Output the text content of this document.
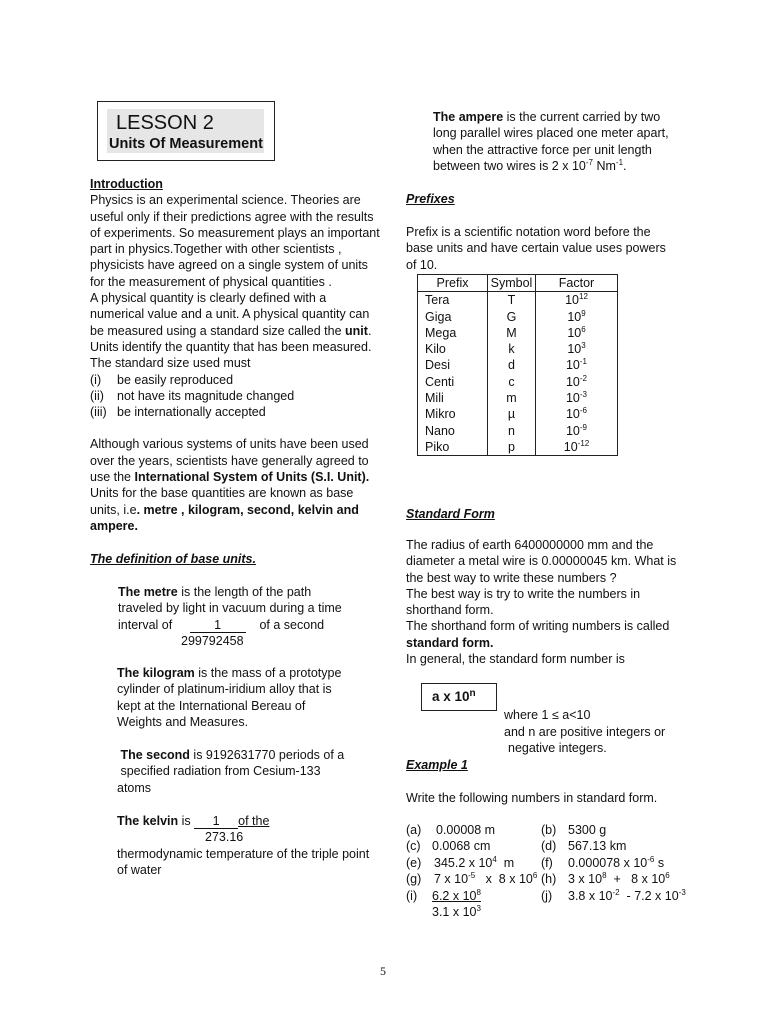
LESSON 2
Units Of Measurement
Introduction
Physics is an experimental science. Theories are useful only if their predictions agree with the results of experiments. So measurement plays an important part in physics.Together with other scientists , physicists have agreed on a single system of units for the measurement of physical quantities .
A physical quantity is clearly defined with a numerical value and a unit. A physical quantity can be measured using a standard size called the unit.
Units identify the quantity that has been measured.
The standard size used must
(i)	be easily reproduced
(ii)	not have its magnitude changed
(iii) be internationally accepted
Although various systems of units have been used over the years, scientists have generally agreed to use the International System of Units (S.I. Unit). Units for the base quantities are known as base units, i.e. metre , kilogram, second, kelvin and ampere.
The definition of base units.
The metre is the length of the path
traveled by light in vacuum during a time
interval of	1	of a second
299792458
The kilogram is the mass of a prototype cylinder of platinum-iridium alloy that is kept at the International Bereau of Weights and Measures.
The second is 9192631770 periods of a
specified radiation from Cesium-133
atoms
The kelvin is 1 of the
273.16
thermodynamic temperature of the triple point of water
The ampere is the current carried by two long parallel wires placed one meter apart, when the attractive force per unit length between two wires is 2 x $10^{-7}$ $Nm^{-1}$.
Prefixes
Prefix is a scientific notation word before the base units and have certain value uses powers of 10.
Prefix	Symbol	Factor
Tera	T	$10^{12}$
Giga	G	$10^9$
Mega	M	$10^6$
Kilo	k	$10^3$
Desi	d	$10^{-1}$
Centi	c	$10^{-2}$
Mili	m	$10^{-3}$
Mikro	µ	$10^{-6}$
Nano	n	$10^{-9}$
Piko	p	$10^{-12}$
Standard Form
The radius of earth 6400000000 mm and the diameter a metal wire is 0.00000045 km. What is the best way to write these numbers ?
The best way is try to write the numbers in shorthand form.
The shorthand form of writing numbers is called
standard form.
In general, the standard form number is
a x 10$^n$
where 1 ≤ a<10
and n are positive integers or
negative integers.
Example 1
Write the following numbers in standard form.
(a) 0.00008 m	(b) 5300 g
(c) 0.0068 cm	(d) 567.13 km
(e) 345.2 x $10^4$  m (f) 0.000078 x $10^{-6}$ s
(g) 7 x $10^{-5}$   x  8 x $10^6$ (h) 3 x $10^8 + 8$ x $10^6$
(i) 6.2 x $10^8$
3.1 x $10^3$
(j) 3.8 x $10^{-2} - 7.2$ x $10^{-3}$
5
